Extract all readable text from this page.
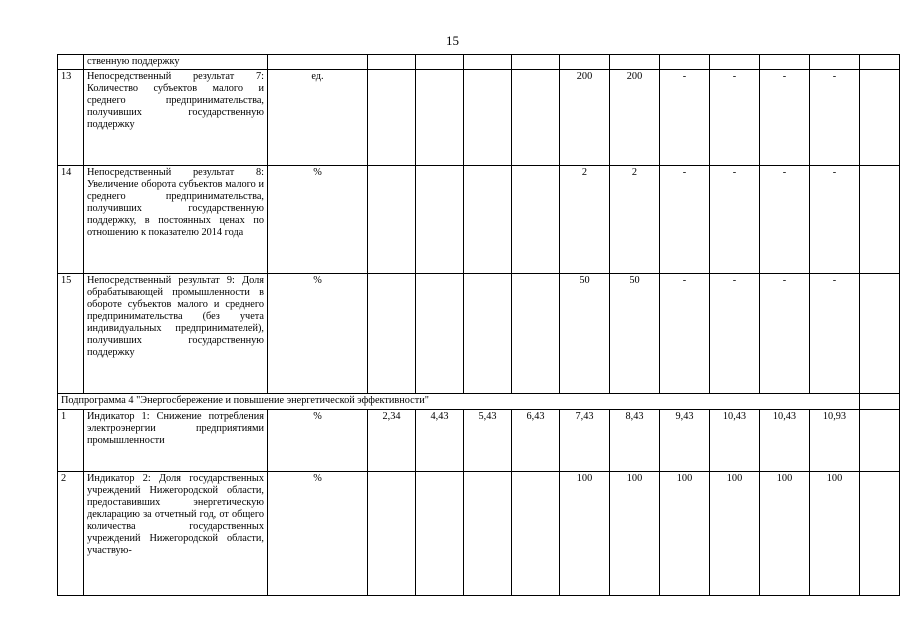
15
	ственную поддержку												
13	Непосредственный результат 7: Количество субъектов малого и среднего предпринимательства, получивших государственную поддержку	ед.					200	200	-	-	-	-	
14	Непосредственный результат 8: Увеличение оборота субъектов малого и среднего предпринимательства, получивших государственную поддержку, в постоянных ценах по отношению к показателю 2014 года	%					2	2	-	-	-	-	
15	Непосредственный результат 9: Доля обрабатывающей промышленности в обороте субъектов малого и среднего предпринимательства (без учета индивидуальных предпринимателей), получивших государственную поддержку	%					50	50	-	-	-	-	
Подпрограмма 4 "Энергосбережение и повышение энергетической эффективности"													
1	Индикатор 1: Снижение потребления электроэнергии предприятиями промышленности	%	2,34	4,43	5,43	6,43	7,43	8,43	9,43	10,43	10,43	10,93	
2	Индикатор 2: Доля государственных учреждений Нижегородской области, предоставивших энергетическую декларацию за отчетный год, от общего количества государственных учреждений Нижегородской области, участвую-	%					100	100	100	100	100	100	
